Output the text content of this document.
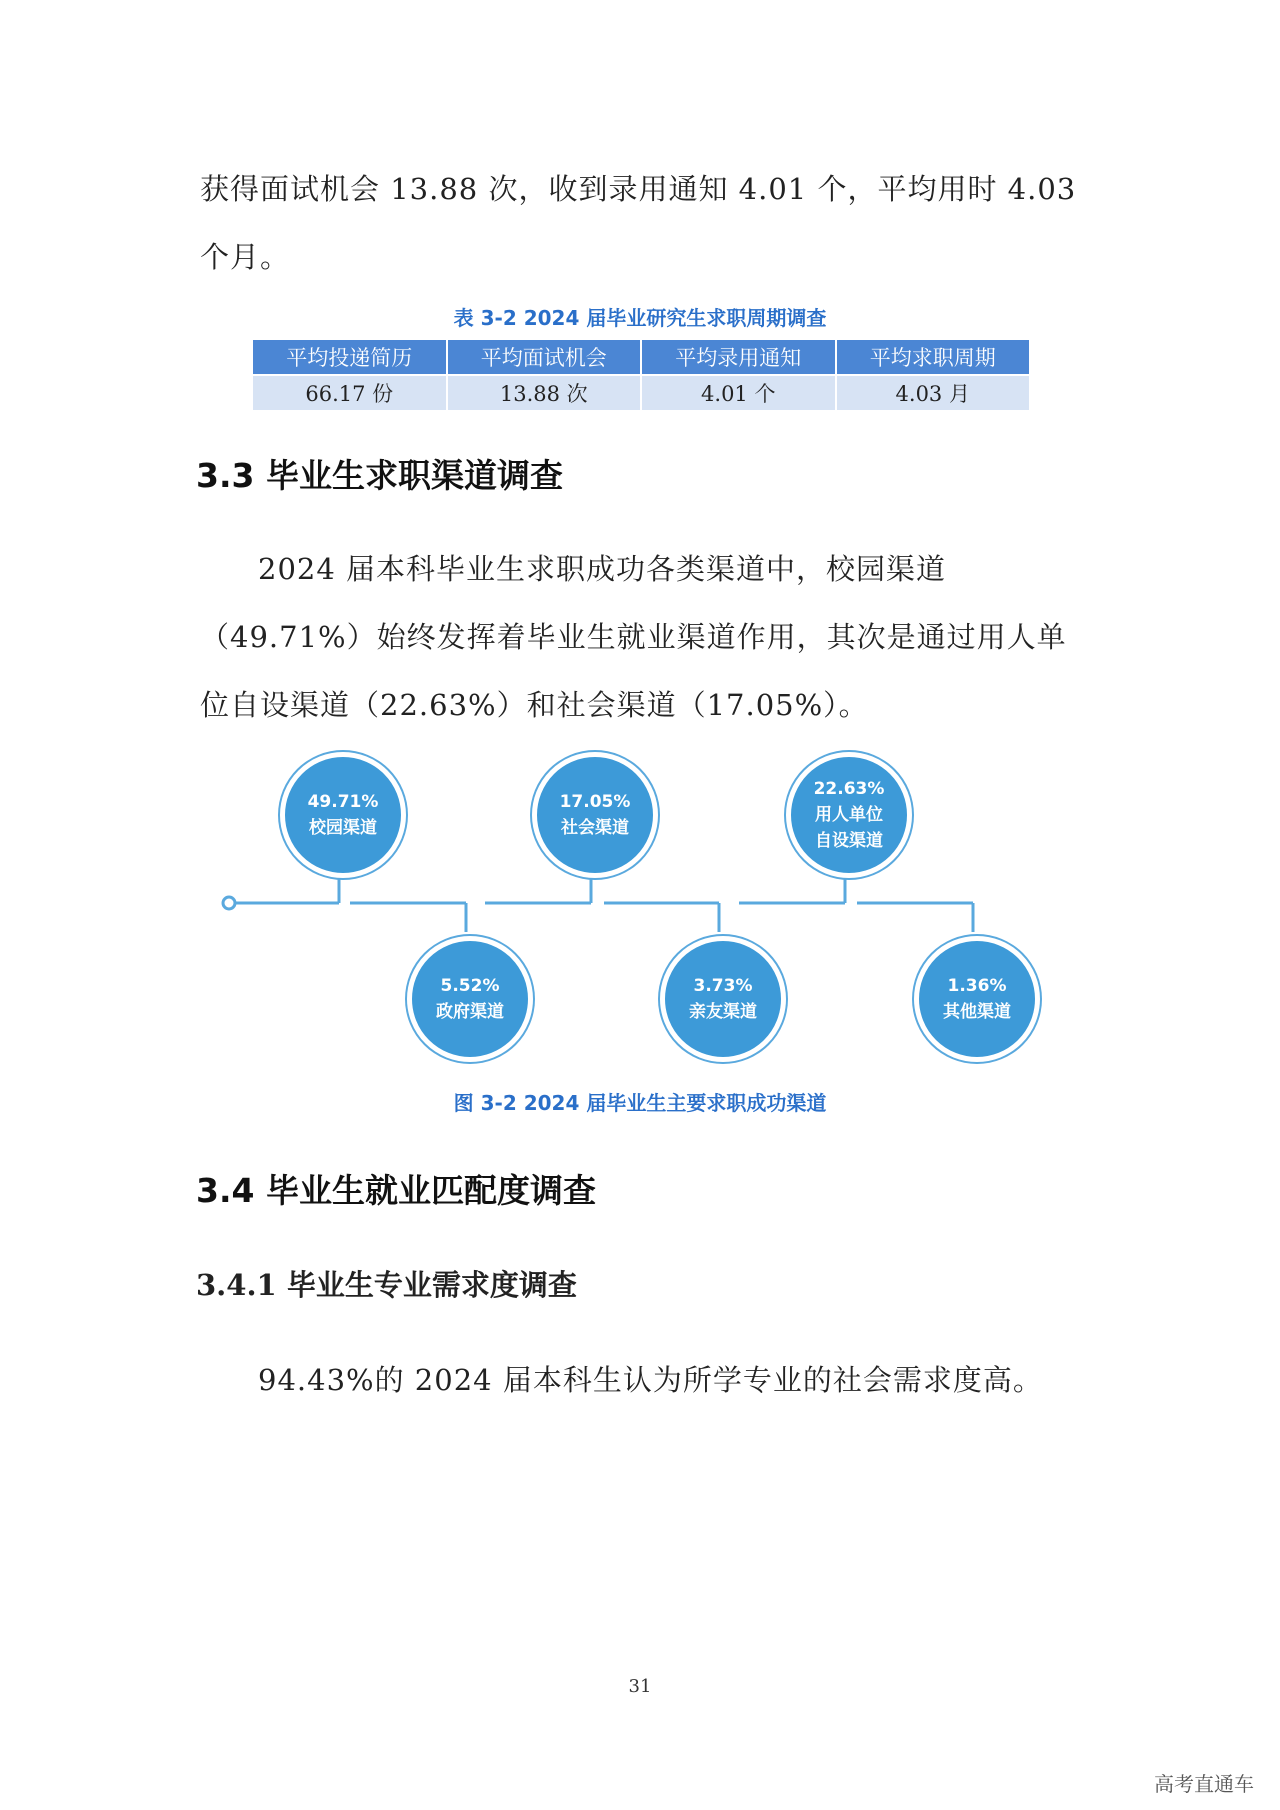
获得面试机会 13.88 次，收到录用通知 4.01 个，平均用时 4.03 个月。

表 3-2 2024 届毕业研究生求职周期调查
平均投递简历	平均面试机会	平均录用通知	平均求职周期
66.17 份	13.88 次	4.01 个	4.03 月
3.3 毕业生求职渠道调查

2024 届本科毕业生求职成功各类渠道中，校园渠道（49.71%）始终发挥着毕业生就业渠道作用，其次是通过用人单位自设渠道（22.63%）和社会渠道（17.05%）。

49.71%
校园渠道
5.52%
政府渠道
17.05%
社会渠道
3.73%
亲友渠道
22.63%
用人单位
自设渠道
1.36%
其他渠道
图 3-2 2024 届毕业生主要求职成功渠道
3.4 毕业生就业匹配度调查
3.4.1 毕业生专业需求度调查

94.43%的 2024 届本科生认为所学专业的社会需求度高。

31
高考直通车
